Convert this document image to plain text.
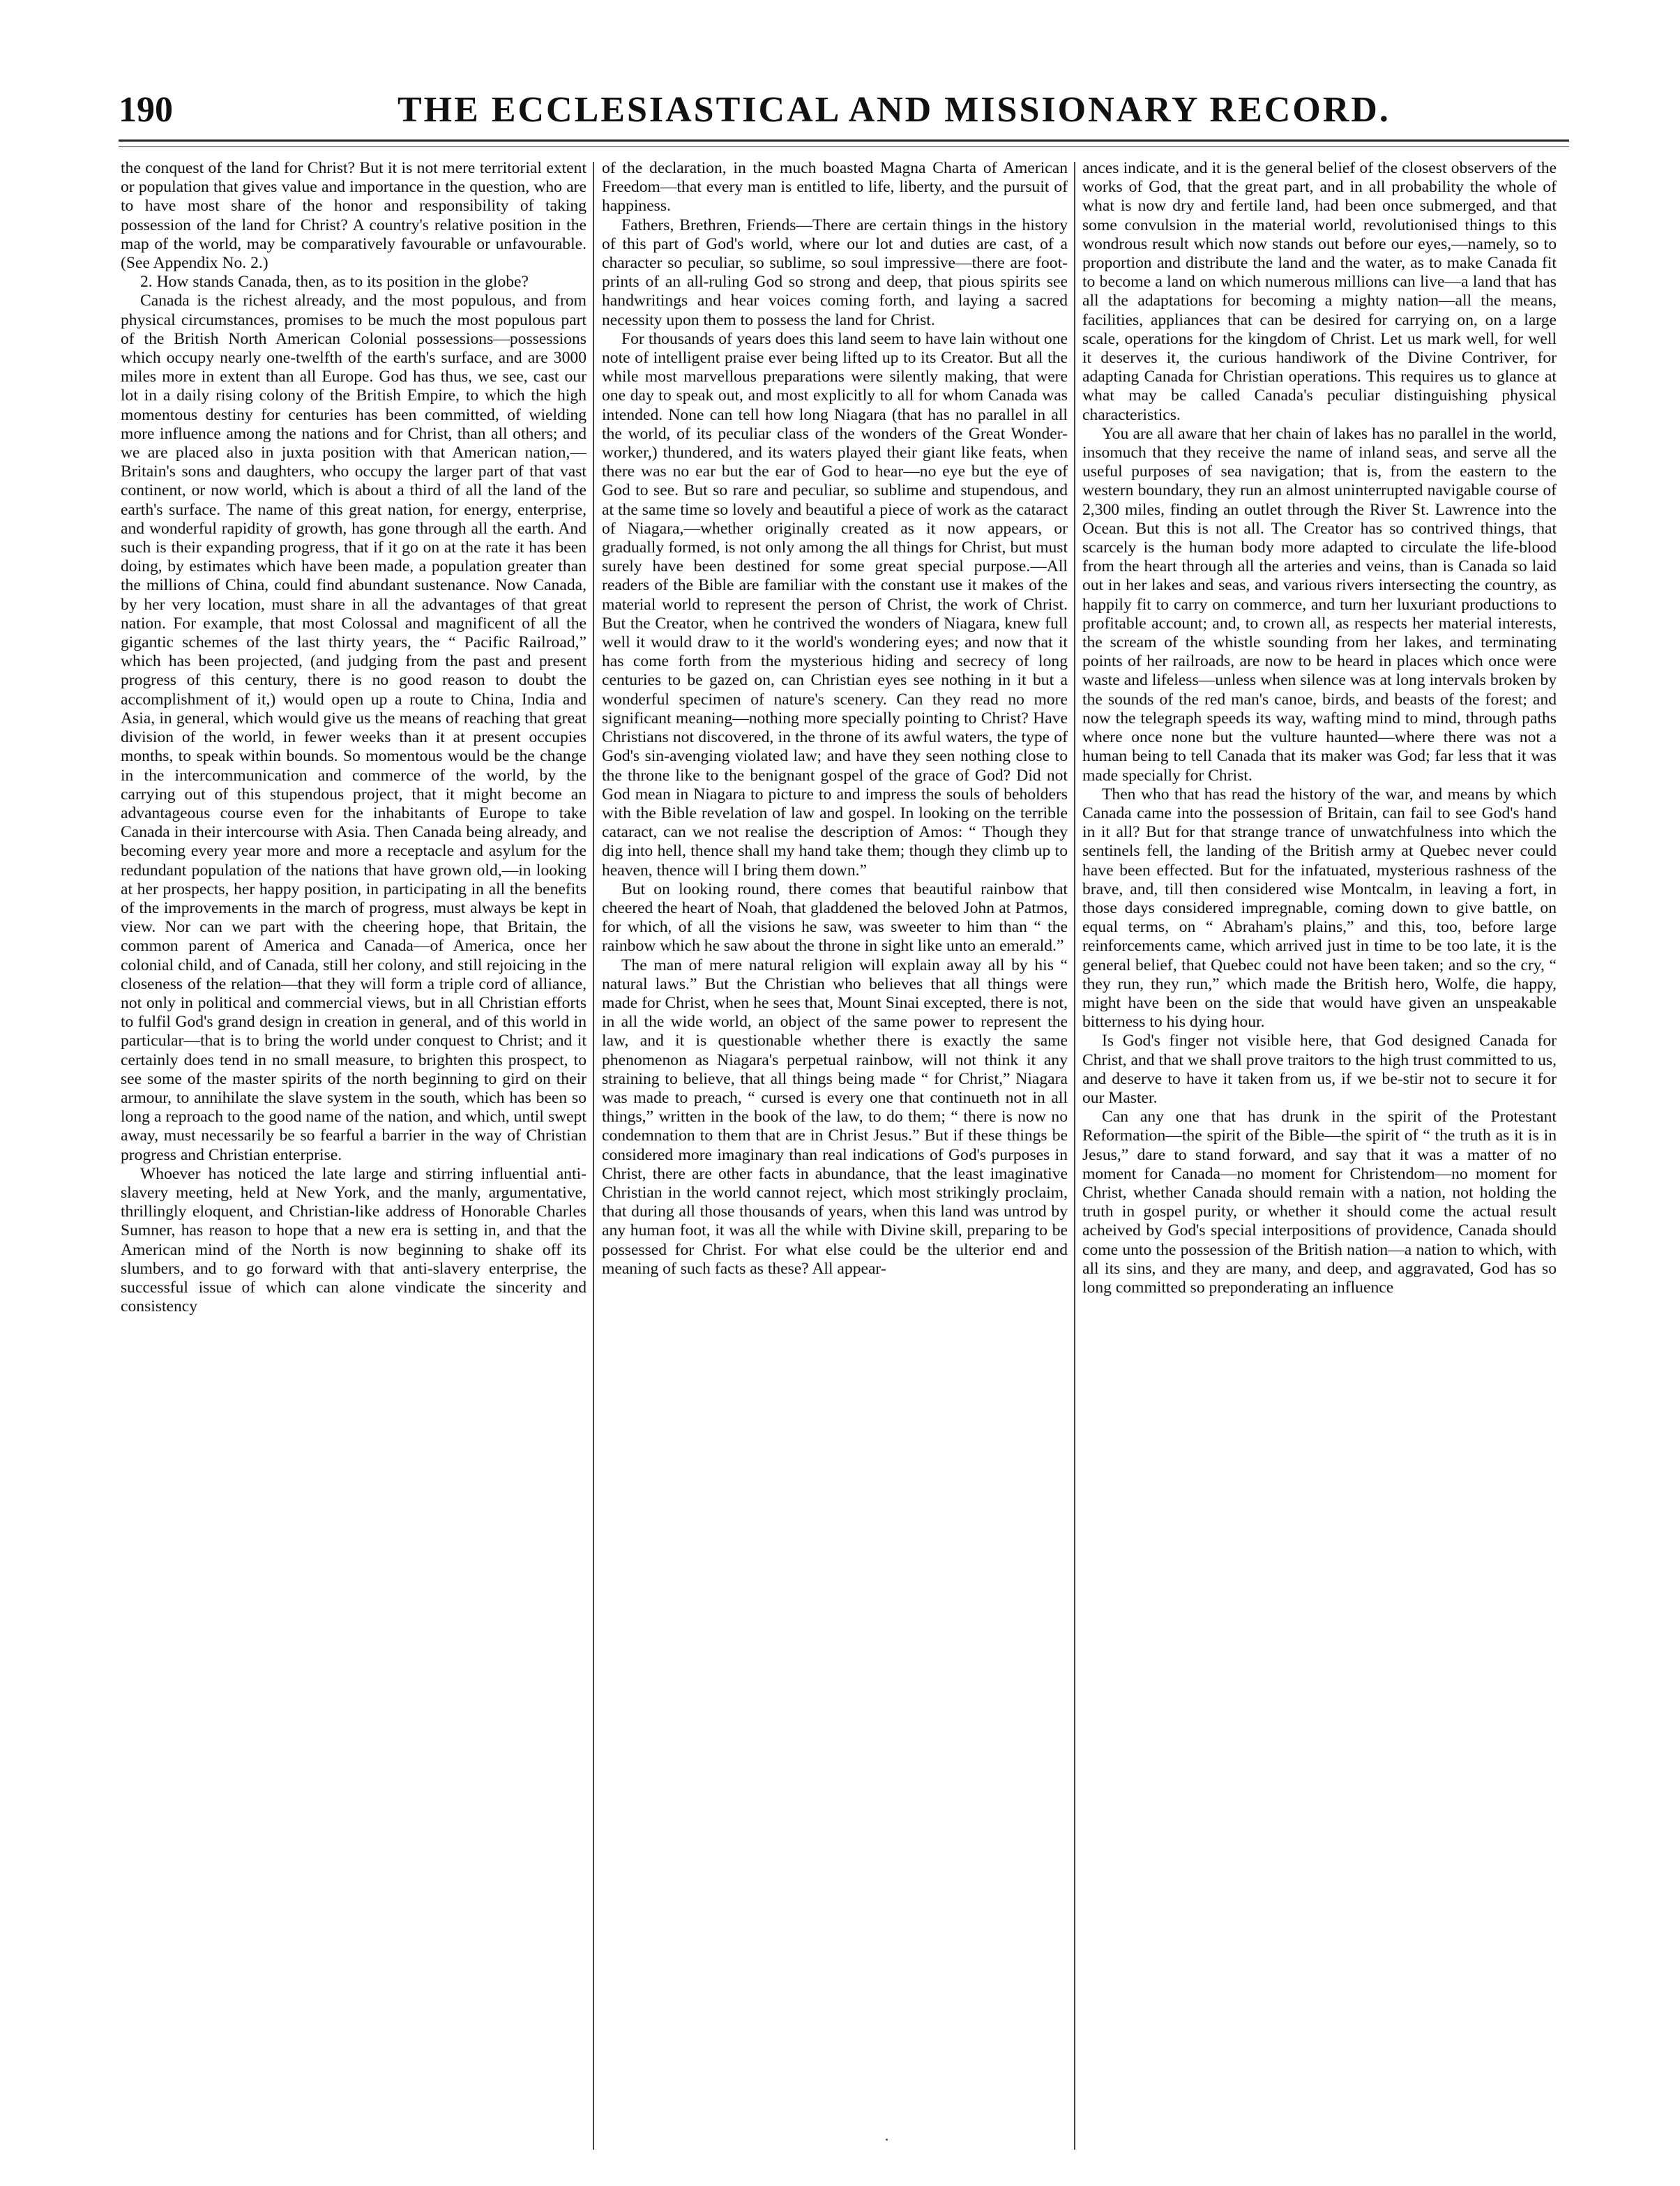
190	THE ECCLESIASTICAL AND MISSIONARY RECORD.

the conquest of the land for Christ? But it is not mere territorial extent or population that gives value and importance in the question, who are to have most share of the honor and responsibility of taking possession of the land for Christ? A country's relative position in the map of the world, may be comparatively favourable or unfavourable. (See Appendix No. 2.)

2. How stands Canada, then, as to its position in the globe?

Canada is the richest already, and the most populous, and from physical circumstances, promises to be much the most populous part of the British North American Colonial possessions—possessions which occupy nearly one-twelfth of the earth's surface, and are 3000 miles more in extent than all Europe. God has thus, we see, cast our lot in a daily rising colony of the British Empire, to which the high momentous destiny for centuries has been committed, of wielding more influence among the nations and for Christ, than all others; and we are placed also in juxta position with that American nation,—Britain's sons and daughters, who occupy the larger part of that vast continent, or now world, which is about a third of all the land of the earth's surface. The name of this great nation, for energy, enterprise, and wonderful rapidity of growth, has gone through all the earth. And such is their expanding progress, that if it go on at the rate it has been doing, by estimates which have been made, a population greater than the millions of China, could find abundant sustenance. Now Canada, by her very location, must share in all the advantages of that great nation. For example, that most Colossal and magnificent of all the gigantic schemes of the last thirty years, the “ Pacific Railroad,” which has been projected, (and judging from the past and present progress of this century, there is no good reason to doubt the accomplishment of it,) would open up a route to China, India and Asia, in general, which would give us the means of reaching that great division of the world, in fewer weeks than it at present occupies months, to speak within bounds. So momentous would be the change in the intercommunication and commerce of the world, by the carrying out of this stupendous project, that it might become an advantageous course even for the inhabitants of Europe to take Canada in their intercourse with Asia. Then Canada being already, and becoming every year more and more a receptacle and asylum for the redundant population of the nations that have grown old,—in looking at her prospects, her happy position, in participating in all the benefits of the improvements in the march of progress, must always be kept in view. Nor can we part with the cheering hope, that Britain, the common parent of America and Canada—of America, once her colonial child, and of Canada, still her colony, and still rejoicing in the closeness of the relation—that they will form a triple cord of alliance, not only in political and commercial views, but in all Christian efforts to fulfil God's grand design in creation in general, and of this world in particular—that is to bring the world under conquest to Christ; and it certainly does tend in no small measure, to brighten this prospect, to see some of the master spirits of the north beginning to gird on their armour, to annihilate the slave system in the south, which has been so long a reproach to the good name of the nation, and which, until swept away, must necessarily be so fearful a barrier in the way of Christian progress and Christian enterprise.

Whoever has noticed the late large and stirring influential anti-slavery meeting, held at New York, and the manly, argumentative, thrillingly eloquent, and Christian-like address of Honorable Charles Sumner, has reason to hope that a new era is setting in, and that the American mind of the North is now beginning to shake off its slumbers, and to go forward with that anti-slavery enterprise, the successful issue of which can alone vindicate the sincerity and consistency

of the declaration, in the much boasted Magna Charta of American Freedom—that every man is entitled to life, liberty, and the pursuit of happiness.

Fathers, Brethren, Friends—There are certain things in the history of this part of God's world, where our lot and duties are cast, of a character so peculiar, so sublime, so soul impressive—there are foot-prints of an all-ruling God so strong and deep, that pious spirits see handwritings and hear voices coming forth, and laying a sacred necessity upon them to possess the land for Christ.

For thousands of years does this land seem to have lain without one note of intelligent praise ever being lifted up to its Creator. But all the while most marvellous preparations were silently making, that were one day to speak out, and most explicitly to all for whom Canada was intended. None can tell how long Niagara (that has no parallel in all the world, of its peculiar class of the wonders of the Great Wonder-worker,) thundered, and its waters played their giant like feats, when there was no ear but the ear of God to hear—no eye but the eye of God to see. But so rare and peculiar, so sublime and stupendous, and at the same time so lovely and beautiful a piece of work as the cataract of Niagara,—whether originally created as it now appears, or gradually formed, is not only among the all things for Christ, but must surely have been destined for some great special purpose.—All readers of the Bible are familiar with the constant use it makes of the material world to represent the person of Christ, the work of Christ. But the Creator, when he contrived the wonders of Niagara, knew full well it would draw to it the world's wondering eyes; and now that it has come forth from the mysterious hiding and secrecy of long centuries to be gazed on, can Christian eyes see nothing in it but a wonderful specimen of nature's scenery. Can they read no more significant meaning—nothing more specially pointing to Christ? Have Christians not discovered, in the throne of its awful waters, the type of God's sin-avenging violated law; and have they seen nothing close to the throne like to the benignant gospel of the grace of God? Did not God mean in Niagara to picture to and impress the souls of beholders with the Bible revelation of law and gospel. In looking on the terrible cataract, can we not realise the description of Amos: “ Though they dig into hell, thence shall my hand take them; though they climb up to heaven, thence will I bring them down.”

But on looking round, there comes that beautiful rainbow that cheered the heart of Noah, that gladdened the beloved John at Patmos, for which, of all the visions he saw, was sweeter to him than “ the rainbow which he saw about the throne in sight like unto an emerald.”

The man of mere natural religion will explain away all by his “ natural laws.” But the Christian who believes that all things were made for Christ, when he sees that, Mount Sinai excepted, there is not, in all the wide world, an object of the same power to represent the law, and it is questionable whether there is exactly the same phenomenon as Niagara's perpetual rainbow, will not think it any straining to believe, that all things being made “ for Christ,” Niagara was made to preach, “ cursed is every one that continueth not in all things,” written in the book of the law, to do them; “ there is now no condemnation to them that are in Christ Jesus.” But if these things be considered more imaginary than real indications of God's purposes in Christ, there are other facts in abundance, that the least imaginative Christian in the world cannot reject, which most strikingly proclaim, that during all those thousands of years, when this land was untrod by any human foot, it was all the while with Divine skill, preparing to be possessed for Christ. For what else could be the ulterior end and meaning of such facts as these? All appear-

ances indicate, and it is the general belief of the closest observers of the works of God, that the great part, and in all probability the whole of what is now dry and fertile land, had been once submerged, and that some convulsion in the material world, revolutionised things to this wondrous result which now stands out before our eyes,—namely, so to proportion and distribute the land and the water, as to make Canada fit to become a land on which numerous millions can live—a land that has all the adaptations for becoming a mighty nation—all the means, facilities, appliances that can be desired for carrying on, on a large scale, operations for the kingdom of Christ. Let us mark well, for well it deserves it, the curious handiwork of the Divine Contriver, for adapting Canada for Christian operations. This requires us to glance at what may be called Canada's peculiar distinguishing physical characteristics.

You are all aware that her chain of lakes has no parallel in the world, insomuch that they receive the name of inland seas, and serve all the useful purposes of sea navigation; that is, from the eastern to the western boundary, they run an almost uninterrupted navigable course of 2,300 miles, finding an outlet through the River St. Lawrence into the Ocean. But this is not all. The Creator has so contrived things, that scarcely is the human body more adapted to circulate the life-blood from the heart through all the arteries and veins, than is Canada so laid out in her lakes and seas, and various rivers intersecting the country, as happily fit to carry on commerce, and turn her luxuriant productions to profitable account; and, to crown all, as respects her material interests, the scream of the whistle sounding from her lakes, and terminating points of her railroads, are now to be heard in places which once were waste and lifeless—unless when silence was at long intervals broken by the sounds of the red man's canoe, birds, and beasts of the forest; and now the telegraph speeds its way, wafting mind to mind, through paths where once none but the vulture haunted—where there was not a human being to tell Canada that its maker was God; far less that it was made specially for Christ.

Then who that has read the history of the war, and means by which Canada came into the possession of Britain, can fail to see God's hand in it all? But for that strange trance of unwatchfulness into which the sentinels fell, the landing of the British army at Quebec never could have been effected. But for the infatuated, mysterious rashness of the brave, and, till then considered wise Montcalm, in leaving a fort, in those days considered impregnable, coming down to give battle, on equal terms, on “ Abraham's plains,” and this, too, before large reinforcements came, which arrived just in time to be too late, it is the general belief, that Quebec could not have been taken; and so the cry, “ they run, they run,” which made the British hero, Wolfe, die happy, might have been on the side that would have given an unspeakable bitterness to his dying hour.

Is God's finger not visible here, that God designed Canada for Christ, and that we shall prove traitors to the high trust committed to us, and deserve to have it taken from us, if we be-stir not to secure it for our Master.

Can any one that has drunk in the spirit of the Protestant Reformation—the spirit of the Bible—the spirit of “ the truth as it is in Jesus,” dare to stand forward, and say that it was a matter of no moment for Canada—no moment for Christendom—no moment for Christ, whether Canada should remain with a nation, not holding the truth in gospel purity, or whether it should come the actual result acheived by God's special interpositions of providence, Canada should come unto the possession of the British nation—a nation to which, with all its sins, and they are many, and deep, and aggravated, God has so long committed so preponderating an influence
